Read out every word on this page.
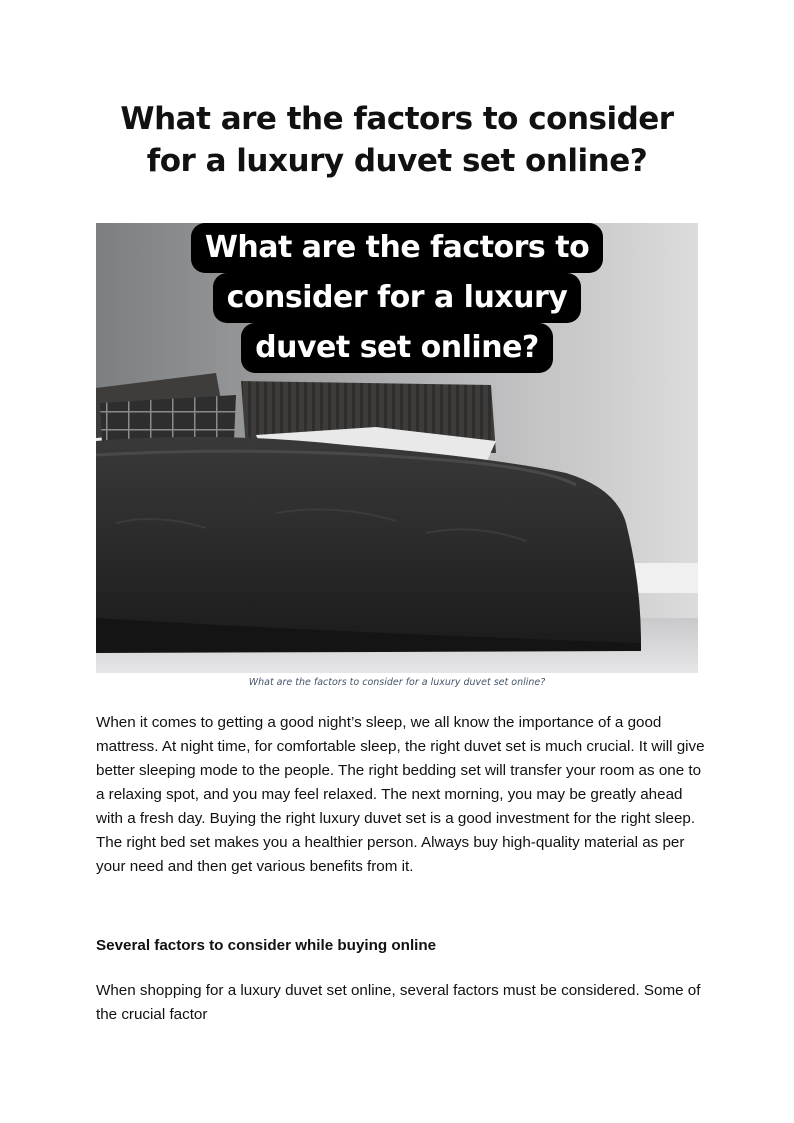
What are the factors to consider for a luxury duvet set online?
What are the factors to
consider for a luxury
duvet set online?
What are the factors to consider for a luxury duvet set online?

When it comes to getting a good night’s sleep, we all know the importance of a good mattress. At night time, for comfortable sleep, the right duvet set is much crucial. It will give better sleeping mode to the people. The right bedding set will transfer your room as one to a relaxing spot, and you may feel relaxed. The next morning, you may be greatly ahead with a fresh day. Buying the right luxury duvet set is a good investment for the right sleep. The right bed set makes you a healthier person. Always buy high-quality material as per your need and then get various benefits from it.

Several factors to consider while buying online

When shopping for a luxury duvet set online, several factors must be considered. Some of the crucial factor
